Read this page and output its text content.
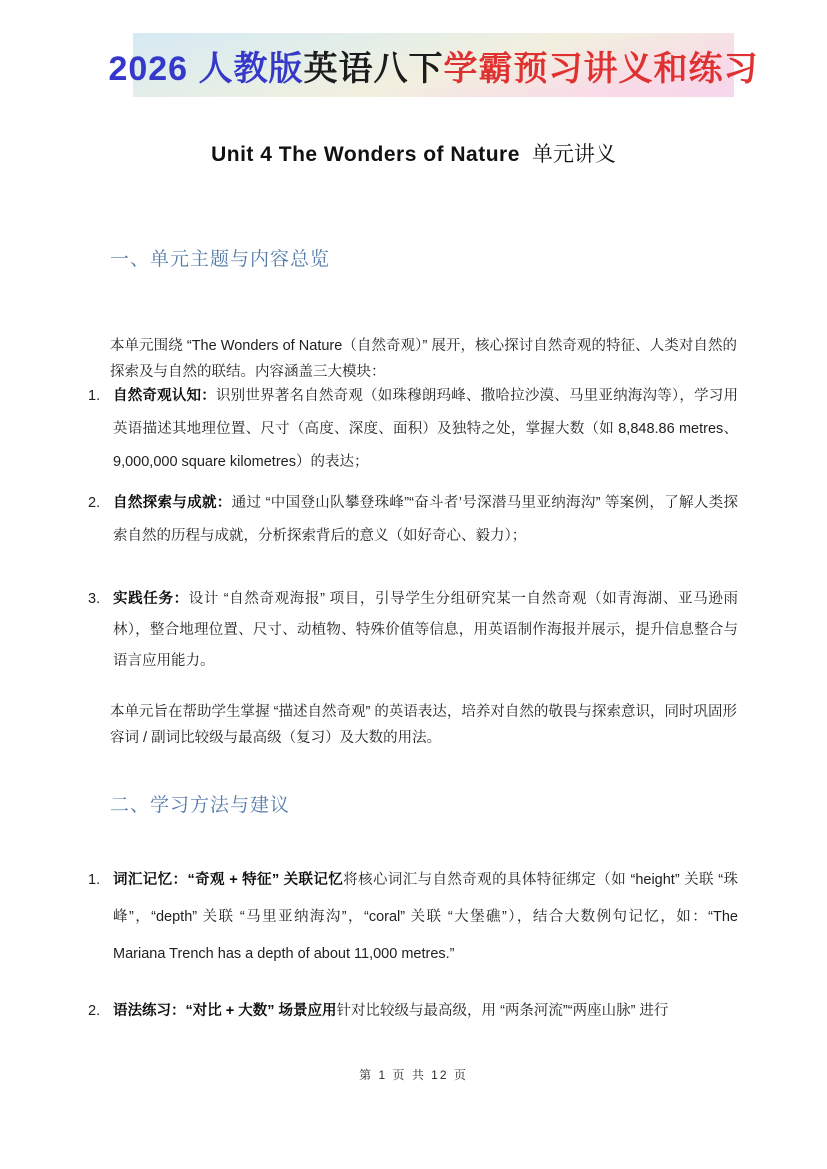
2026 人教版 英语八下 学霸预习讲义和练习
Unit 4 The Wonders of Nature 单元讲义
一、单元主题与内容总览

本单元围绕 “The Wonders of Nature（自然奇观）” 展开，核心探讨自然奇观的特征、人类对自然的探索及与自然的联结。内容涵盖三大模块：

1. 自然奇观认知：识别世界著名自然奇观（如珠穆朗玛峰、撒哈拉沙漠、马里亚纳海沟等），学习用英语描述其地理位置、尺寸（高度、深度、面积）及独特之处，掌握大数（如 8,848.86 metres、9,000,000 square kilometres）的表达；
2. 自然探索与成就：通过 “中国登山队攀登珠峰”“奋斗者’号深潜马里亚纳海沟” 等案例，了解人类探索自然的历程与成就，分析探索背后的意义（如好奇心、毅力）；
3. 实践任务：设计 “自然奇观海报” 项目，引导学生分组研究某一自然奇观（如青海湖、亚马逊雨林），整合地理位置、尺寸、动植物、特殊价值等信息，用英语制作海报并展示，提升信息整合与语言应用能力。

本单元旨在帮助学生掌握 “描述自然奇观” 的英语表达，培养对自然的敬畏与探索意识，同时巩固形容词 / 副词比较级与最高级（复习）及大数的用法。

二、学习方法与建议
1. 词汇记忆：“奇观 + 特征” 关联记忆将核心词汇与自然奇观的具体特征绑定（如 “height” 关联 “珠峰”，“depth” 关联 “马里亚纳海沟”，“coral” 关联 “大堡礁”），结合大数例句记忆，如：“The Mariana Trench has a depth of about 11,000 metres.”
2. 语法练习：“对比 + 大数” 场景应用针对比较级与最高级，用 “两条河流”“两座山脉” 进行
第 1 页 共 12 页
